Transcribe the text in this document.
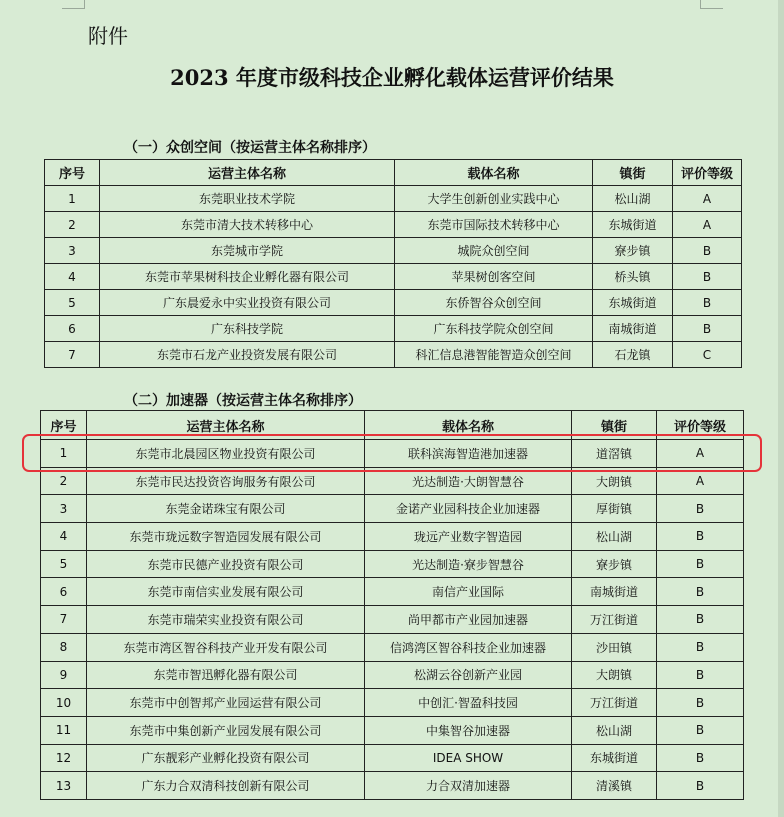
附件
2023 年度市级科技企业孵化载体运营评价结果
（一）众创空间（按运营主体名称排序）
序号	运营主体名称	载体名称	镇街	评价等级
1	东莞职业技术学院	大学生创新创业实践中心	松山湖	A
2	东莞市清大技术转移中心	东莞市国际技术转移中心	东城街道	A
3	东莞城市学院	城院众创空间	寮步镇	B
4	东莞市苹果树科技企业孵化器有限公司	苹果树创客空间	桥头镇	B
5	广东晨爱永中实业投资有限公司	东侨智谷众创空间	东城街道	B
6	广东科技学院	广东科技学院众创空间	南城街道	B
7	东莞市石龙产业投资发展有限公司	科汇信息港智能智造众创空间	石龙镇	C
（二）加速器（按运营主体名称排序）
序号	运营主体名称	载体名称	镇街	评价等级
1	东莞市北晨园区物业投资有限公司	联科滨海智造港加速器	道滘镇	A
2	东莞市民达投资咨询服务有限公司	光达制造·大朗智慧谷	大朗镇	A
3	东莞金诺珠宝有限公司	金诺产业园科技企业加速器	厚街镇	B
4	东莞市珑远数字智造园发展有限公司	珑远产业数字智造园	松山湖	B
5	东莞市民德产业投资有限公司	光达制造·寮步智慧谷	寮步镇	B
6	东莞市南信实业发展有限公司	南信产业国际	南城街道	B
7	东莞市瑞荣实业投资有限公司	尚甲都市产业园加速器	万江街道	B
8	东莞市湾区智谷科技产业开发有限公司	信鸿湾区智谷科技企业加速器	沙田镇	B
9	东莞市智迅孵化器有限公司	松湖云谷创新产业园	大朗镇	B
10	东莞市中创智邦产业园运营有限公司	中创汇·智盈科技园	万江街道	B
11	东莞市中集创新产业园发展有限公司	中集智谷加速器	松山湖	B
12	广东靓彩产业孵化投资有限公司	IDEA SHOW	东城街道	B
13	广东力合双清科技创新有限公司	力合双清加速器	清溪镇	B
